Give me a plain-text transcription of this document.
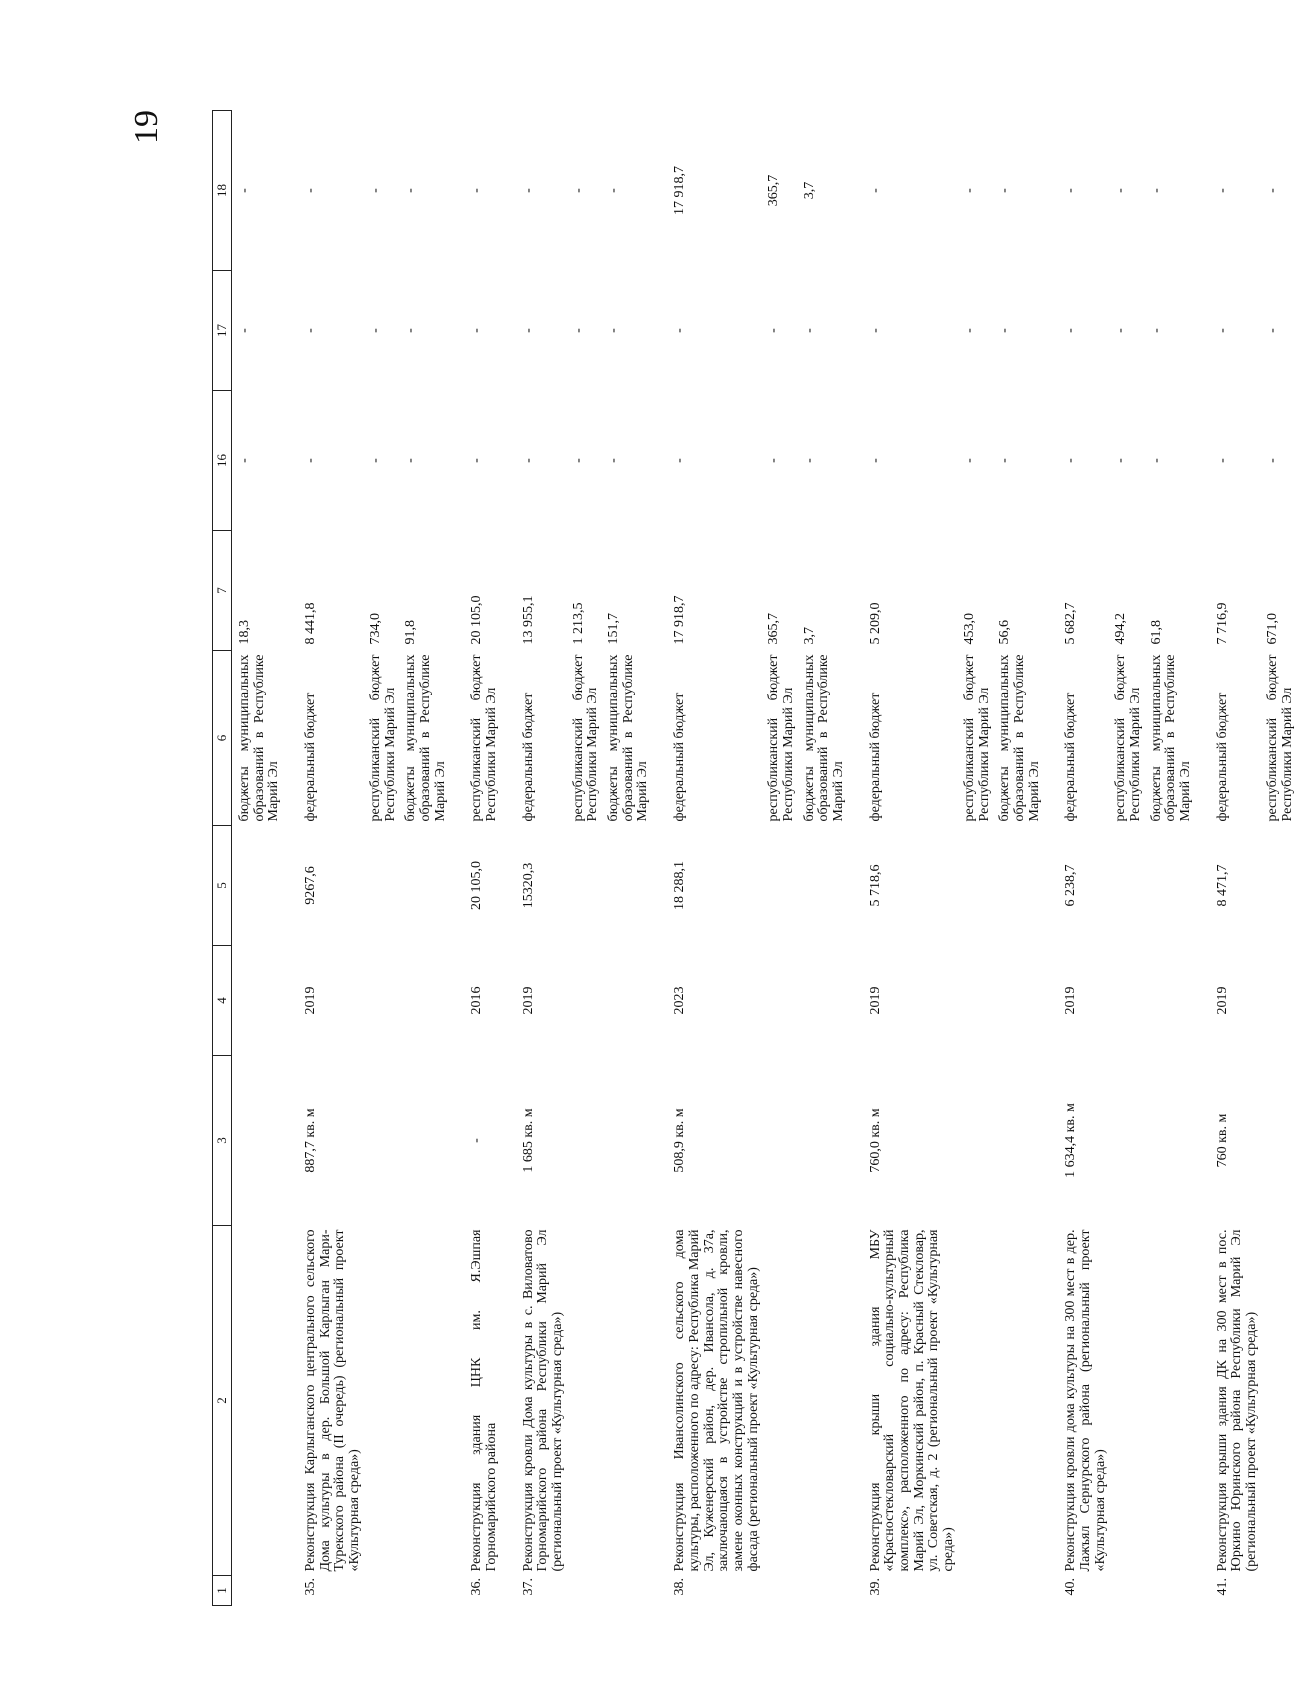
19
1	2	3	4	5	6	7	16	17	18
					бюджеты муниципальных образований в Республике Марий Эл	18,3	-	-	-
35.	Реконструкция Карлыганского центрального сельского Дома культуры в дер. Большой Карлыган Мари-Турекского района (II очередь) (региональный проект «Культурная среда»)	887,7 кв. м	2019	9267,6	федеральный бюджет	8 441,8	-	-	-
					республиканский бюджет Республики Марий Эл	734,0	-	-	-
					бюджеты муниципальных образований в Республике Марий Эл	91,8	-	-	-
36.	Реконструкция здания ЦНК им. Я.Эшпая Горномарийского района	-	2016	20 105,0	республиканский бюджет Республики Марий Эл	20 105,0	-	-	-
37.	Реконструкция кровли Дома культуры в с. Виловатово Горномарийского района Республики Марий Эл (региональный проект «Культурная среда»)	1 685 кв. м	2019	15320,3	федеральный бюджет	13 955,1	-	-	-
					республиканский бюджет Республики Марий Эл	1 213,5	-	-	-
					бюджеты муниципальных образований в Республике Марий Эл	151,7	-	-	-
38.	Реконструкция Ивансолинского сельского дома культуры, расположенного по адресу: Республика Марий Эл, Куженерский район, дер. Ивансола, д. 37а, заключающаяся в устройстве стропильной кровли, замене оконных конструкций и в устройстве навесного фасада (региональный проект «Культурная среда»)	508,9 кв. м	2023	18 288,1	федеральный бюджет	17 918,7	-	-	17 918,7
					республиканский бюджет Республики Марий Эл	365,7	-	-	365,7
					бюджеты муниципальных образований в Республике Марий Эл	3,7	-	-	3,7
39.	Реконструкция крыши здания МБУ «Красностекловарский социально-культурный комплекс», расположенного по адресу: Республика Марий Эл, Моркинский район, п. Красный Стекловар, ул. Советская, д. 2 (региональный проект «Культурная среда»)	760,0 кв. м	2019	5 718,6	федеральный бюджет	5 209,0	-	-	-
					республиканский бюджет Республики Марий Эл	453,0	-	-	-
					бюджеты муниципальных образований в Республике Марий Эл	56,6	-	-	-
40.	Реконструкция кровли дома культуры на 300 мест в дер. Лажъял Сернурского района (региональный проект «Культурная среда»)	1 634,4 кв. м	2019	6 238,7	федеральный бюджет	5 682,7	-	-	-
					республиканский бюджет Республики Марий Эл	494,2	-	-	-
					бюджеты муниципальных образований в Республике Марий Эл	61,8	-	-	-
41.	Реконструкция крыши здания ДК на 300 мест в пос. Юркино Юринского района Республики Марий Эл (региональный проект «Культурная среда»)	760 кв. м	2019	8 471,7	федеральный бюджет	7 716,9	-	-	-
					республиканский бюджет Республики Марий Эл	671,0	-	-	-
